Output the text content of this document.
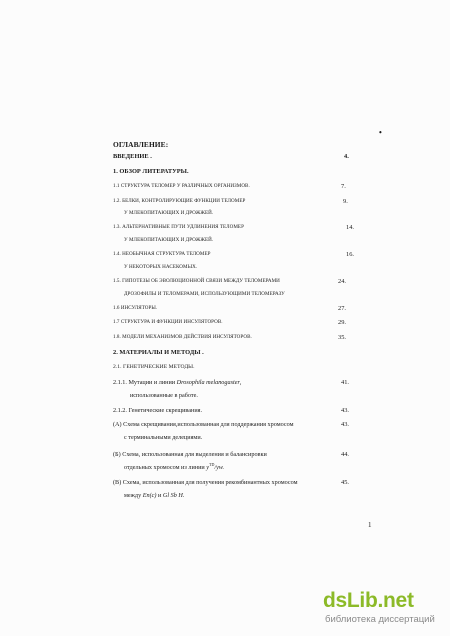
•
ОГЛАВЛЕНИЕ:
ВВЕДЕНИЕ .	4.
1. ОБЗОР ЛИТЕРАТУРЫ.
1.1 СТРУКТУРА ТЕЛОМЕР У РАЗЛИЧНЫХ ОРГАНИЗМОВ.	7.
1.2. БЕЛКИ, КОНТРОЛИРУЮЩИЕ ФУНКЦИИ ТЕЛОМЕР	9.
У МЛЕКОПИТАЮЩИХ И ДРОЖЖЕЙ.
1.3. АЛЬТЕРНАТИВНЫЕ ПУТИ УДЛИНЕНИЯ ТЕЛОМЕР	14.
У МЛЕКОПИТАЮЩИХ И ДРОЖЖЕЙ.
1.4. НЕОБЫЧНАЯ СТРУКТУРА ТЕЛОМЕР	16.
У НЕКОТОРЫХ НАСЕКОМЫХ.
1.5. ГИПОТЕЗЫ ОБ ЭВОЛЮЦИОННОЙ СВЯЗИ МЕЖДУ ТЕЛОМЕРАМИ	24.
ДРОЗОФИЛЫ И ТЕЛОМЕРАМИ, ИСПОЛЬЗУЮЩИМИ ТЕЛОМЕРАЗУ
1.6 ИНСУЛЯТОРЫ.	27.
1.7 СТРУКТУРА И ФУНКЦИИ ИНСУЛЯТОРОВ.	29.
1.8. МОДЕЛИ МЕХАНИЗМОВ ДЕЙСТВИЯ ИНСУЛЯТОРОВ.	35.
2. МАТЕРИАЛЫ И МЕТОДЫ .
2.1. ГЕНЕТИЧЕСКИЕ МЕТОДЫ.
2.1.1. Мутации и линии Drosophila melanogaster,	41.
использованные в работе.
2.1.2. Генетические скрещивания.	43.
(А) Схема скрещивания,использованная для поддержания хромосом	43.
с терминальными делециями.
(Б) Схема, использованная для выделения и балансировки	44.
отдельных хромосом из линии $y^{TD}/yw$.
(В) Схема, использованная для получения рекомбинантных хромосом	45.
между En(c) и Gl Sb H.
1
dsLib.net
библиотека диссертаций
